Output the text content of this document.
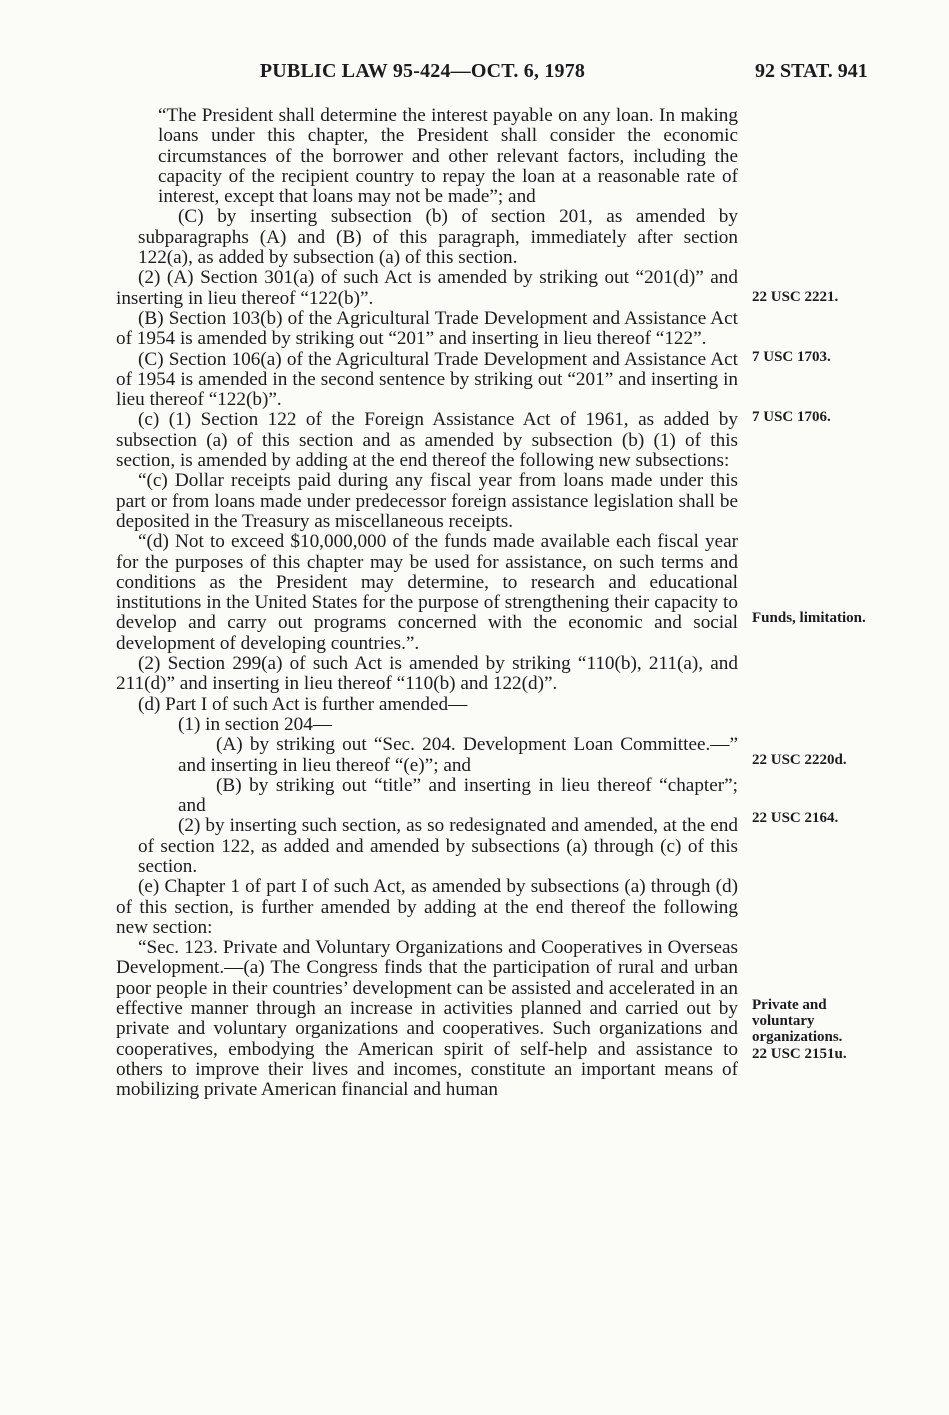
PUBLIC LAW 95-424—OCT. 6, 1978	92 STAT. 941

“The President shall determine the interest payable on any loan. In making loans under this chapter, the President shall consider the economic circumstances of the borrower and other relevant factors, including the capacity of the recipient country to repay the loan at a reasonable rate of interest, except that loans may not be made”; and

(C) by inserting subsection (b) of section 201, as amended by subparagraphs (A) and (B) of this paragraph, immediately after section 122(a), as added by subsection (a) of this section.

(2) (A) Section 301(a) of such Act is amended by striking out “201(d)” and inserting in lieu thereof “122(b)”.

(B) Section 103(b) of the Agricultural Trade Development and Assistance Act of 1954 is amended by striking out “201” and inserting in lieu thereof “122”.

(C) Section 106(a) of the Agricultural Trade Development and Assistance Act of 1954 is amended in the second sentence by striking out “201” and inserting in lieu thereof “122(b)”.

(c) (1) Section 122 of the Foreign Assistance Act of 1961, as added by subsection (a) of this section and as amended by subsection (b) (1) of this section, is amended by adding at the end thereof the following new subsections:

“(c) Dollar receipts paid during any fiscal year from loans made under this part or from loans made under predecessor foreign assistance legislation shall be deposited in the Treasury as miscellaneous receipts.

“(d) Not to exceed $10,000,000 of the funds made available each fiscal year for the purposes of this chapter may be used for assistance, on such terms and conditions as the President may determine, to research and educational institutions in the United States for the purpose of strengthening their capacity to develop and carry out programs concerned with the economic and social development of developing countries.”.

(2) Section 299(a) of such Act is amended by striking “110(b), 211(a), and 211(d)” and inserting in lieu thereof “110(b) and 122(d)”.

(d) Part I of such Act is further amended—

(1) in section 204—

(A) by striking out “Sec. 204. Development Loan Committee.—” and inserting in lieu thereof “(e)”; and

(B) by striking out “title” and inserting in lieu thereof “chapter”; and

(2) by inserting such section, as so redesignated and amended, at the end of section 122, as added and amended by subsections (a) through (c) of this section.

(e) Chapter 1 of part I of such Act, as amended by subsections (a) through (d) of this section, is further amended by adding at the end thereof the following new section:

“Sec. 123. Private and Voluntary Organizations and Cooperatives in Overseas Development.—(a) The Congress finds that the participation of rural and urban poor people in their countries’ development can be assisted and accelerated in an effective manner through an increase in activities planned and carried out by private and voluntary organizations and cooperatives. Such organizations and cooperatives, embodying the American spirit of self-help and assistance to others to improve their lives and incomes, constitute an important means of mobilizing private American financial and human

22 USC 2221.
7 USC 1703.
7 USC 1706.
Funds, limitation.
22 USC 2220d.
22 USC 2164.
Private and voluntary organizations.
22 USC 2151u.
